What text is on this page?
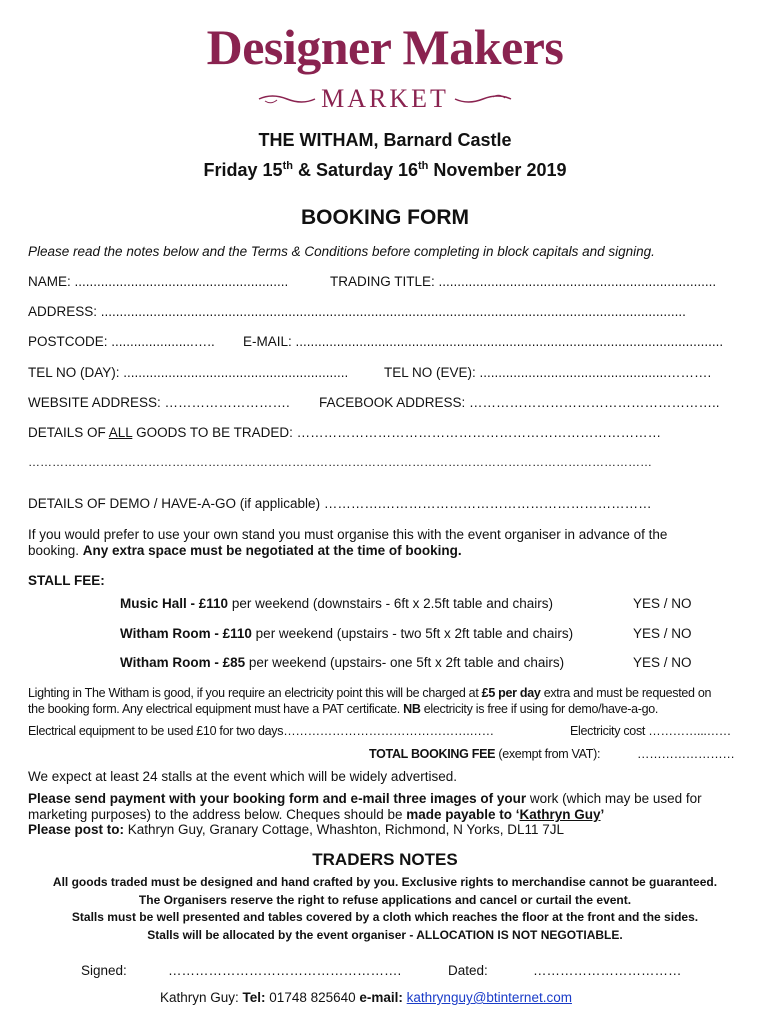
Designer Makers
MARKET
THE WITHAM, Barnard Castle
Friday 15th & Saturday 16th November 2019
BOOKING FORM
Please read the notes below and the Terms & Conditions before completing in block capitals and signing.
NAME: .........................................................	TRADING TITLE: ..........................................................................
ADDRESS: ............................................................................................................................................................
POSTCODE: ......................….. E-MAIL: ..................................................................................................................
TEL NO (DAY): ............................................................	TEL NO (EVE): ..................................................……….
WEBSITE ADDRESS: ………………………. FACEBOOK ADDRESS: ………………………………………………..
DETAILS OF ALL GOODS TO BE TRADED: ………………………………………………………………………
…………………………………………………………………………………………………………………………………………
DETAILS OF DEMO / HAVE-A-GO (if applicable) ………….……………………………………………………
If you would prefer to use your own stand you must organise this with the event organiser in advance of the
booking. Any extra space must be negotiated at the time of booking.
STALL FEE:
Music Hall - £110 per weekend (downstairs - 6ft x 2.5ft table and chairs)	YES / NO
Witham Room - £110 per weekend (upstairs - two 5ft x 2ft table and chairs)	YES / NO
Witham Room - £85 per weekend (upstairs- one 5ft x 2ft table and chairs)	YES / NO
Lighting in The Witham is good, if you require an electricity point this will be charged at £5 per day extra and must be requested on
the booking form. Any electrical equipment must have a PAT certificate. NB electricity is free if using for demo/have-a-go.
Electrical equipment to be used £10 for two days……………………………………….……	Electricity cost …………...……
TOTAL BOOKING FEE (exempt from VAT):	……………………
We expect at least 24 stalls at the event which will be widely advertised.
Please send payment with your booking form and e-mail three images of your work (which may be used for
marketing purposes) to the address below. Cheques should be made payable to ‘Kathryn Guy’
Please post to: Kathryn Guy, Granary Cottage, Whashton, Richmond, N Yorks, DL11 7JL
TRADERS NOTES
All goods traded must be designed and hand crafted by you. Exclusive rights to merchandise cannot be guaranteed.
The Organisers reserve the right to refuse applications and cancel or curtail the event.
Stalls must be well presented and tables covered by a cloth which reaches the floor at the front and the sides.
Stalls will be allocated by the event organiser - ALLOCATION IS NOT NEGOTIABLE.
Signed:	…………………………………………….	Dated:	……………………………
Kathryn Guy: Tel: 01748 825640 e-mail: kathrynguy@btinternet.com
